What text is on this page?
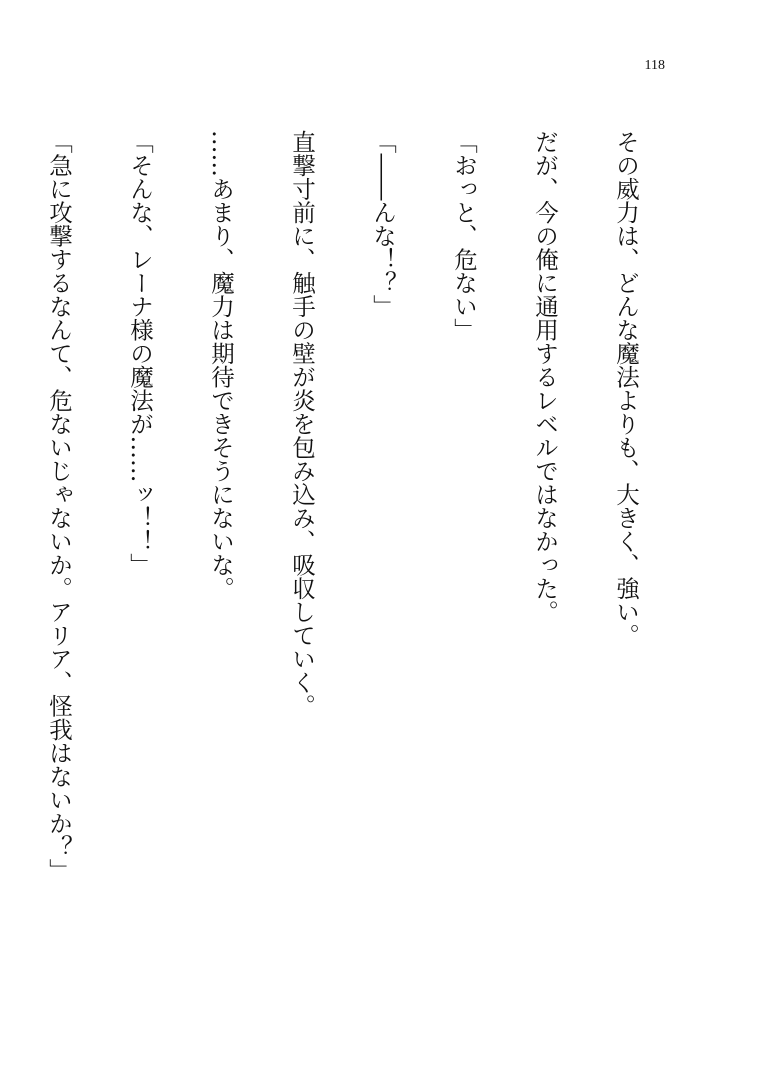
118

その威力は、どんな魔法よりも、大きく、強い。

だが、今の俺に通用するレベルではなかった。

「おっと、危ない」

「――んな！？」

直撃寸前に、触手の壁が炎を包み込み、吸収していく。

……あまり、魔力は期待できそうにないな。

「そんな、レーナ様の魔法が……ッ！！」

「急に攻撃するなんて、危ないじゃないか。アリア、怪我はないか？」
